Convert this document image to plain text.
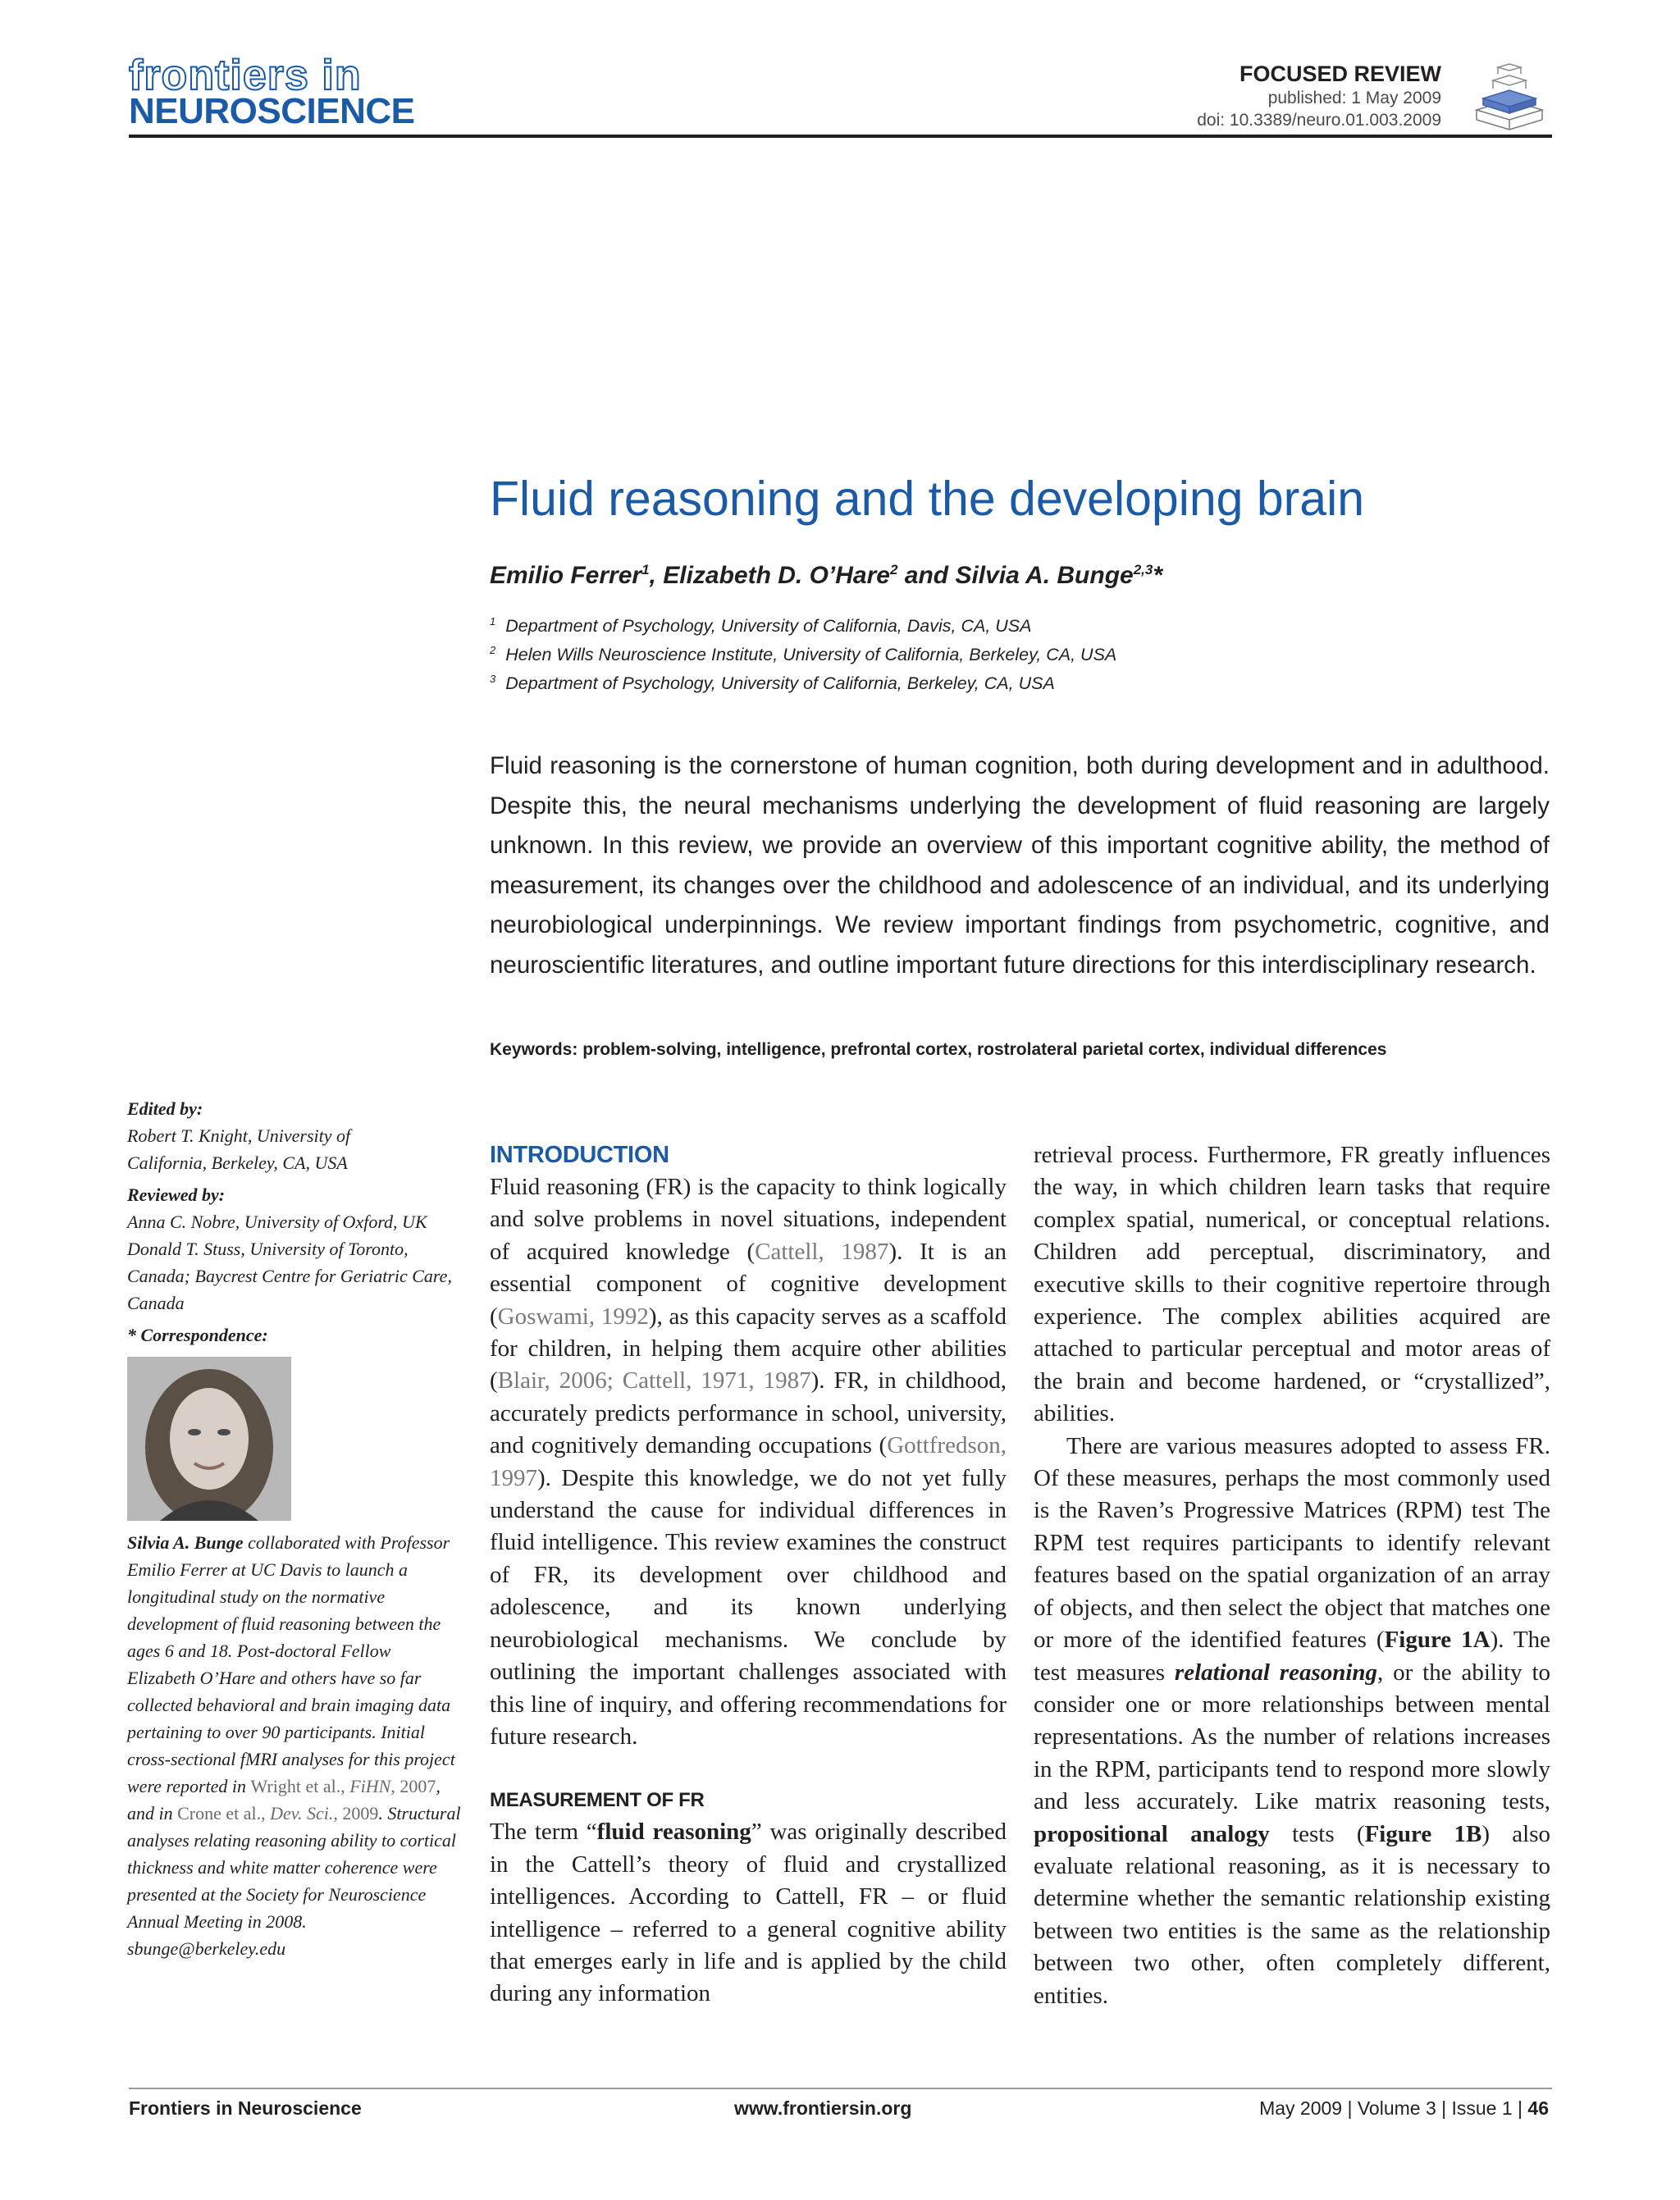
frontiers in
NEUROSCIENCE
FOCUSED REVIEW
published: 1 May 2009
doi: 10.3389/neuro.01.003.2009
Fluid reasoning and the developing brain
Emilio Ferrer$^1$, Elizabeth D. O’Hare$^2$ and Silvia A. Bunge$^{2,3}$*
$^1$ Department of Psychology, University of California, Davis, CA, USA
$^2$ Helen Wills Neuroscience Institute, University of California, Berkeley, CA, USA
$^3$ Department of Psychology, University of California, Berkeley, CA, USA

Fluid reasoning is the cornerstone of human cognition, both during development and in adulthood. Despite this, the neural mechanisms underlying the development of fluid reasoning are largely unknown. In this review, we provide an overview of this important cognitive ability, the method of measurement, its changes over the childhood and adolescence of an individual, and its underlying neurobiological underpinnings. We review important findings from psychometric, cognitive, and neuroscientific literatures, and outline important future directions for this interdisciplinary research.

Keywords: problem-solving, intelligence, prefrontal cortex, rostrolateral parietal cortex, individual differences
Edited by:
Robert T. Knight, University of California, Berkeley, CA, USA
Reviewed by:
Anna C. Nobre, University of Oxford, UK
Donald T. Stuss, University of Toronto, Canada; Baycrest Centre for Geriatric Care, Canada
* Correspondence:
Silvia A. Bunge collaborated with Professor Emilio Ferrer at UC Davis to launch a longitudinal study on the normative development of fluid reasoning between the ages 6 and 18. Post-doctoral Fellow Elizabeth O’Hare and others have so far collected behavioral and brain imaging data pertaining to over 90 participants. Initial cross-sectional fMRI analyses for this project were reported in Wright et al., FiHN, 2007, and in Crone et al., Dev. Sci., 2009. Structural analyses relating reasoning ability to cortical thickness and white matter coherence were presented at the Society for Neuroscience Annual Meeting in 2008.
sbunge@berkeley.edu
INTRODUCTION

Fluid reasoning (FR) is the capacity to think logically and solve problems in novel situations, independent of acquired knowledge (Cattell, 1987). It is an essential component of cognitive development (Goswami, 1992), as this capacity serves as a scaffold for children, in helping them acquire other abilities (Blair, 2006; Cattell, 1971, 1987). FR, in childhood, accurately predicts performance in school, university, and cognitively demanding occupations (Gottfredson, 1997). Despite this knowledge, we do not yet fully understand the cause for individual differences in fluid intelligence. This review examines the construct of FR, its development over childhood and adolescence, and its known underlying neurobiological mechanisms. We conclude by outlining the important challenges associated with this line of inquiry, and offering recommendations for future research.

MEASUREMENT OF FR

The term “fluid reasoning” was originally described in the Cattell’s theory of fluid and crystallized intelligences. According to Cattell, FR – or fluid intelligence – referred to a general cognitive ability that emerges early in life and is applied by the child during any information

retrieval process. Furthermore, FR greatly influences the way, in which children learn tasks that require complex spatial, numerical, or conceptual relations. Children add perceptual, discriminatory, and executive skills to their cognitive repertoire through experience. The complex abilities acquired are attached to particular perceptual and motor areas of the brain and become hardened, or “crystallized”, abilities.

There are various measures adopted to assess FR. Of these measures, perhaps the most commonly used is the Raven’s Progressive Matrices (RPM) test The RPM test requires participants to identify relevant features based on the spatial organization of an array of objects, and then select the object that matches one or more of the identified features (Figure 1A). The test measures relational reasoning, or the ability to consider one or more relationships between mental representations. As the number of relations increases in the RPM, participants tend to respond more slowly and less accurately. Like matrix reasoning tests, propositional analogy tests (Figure 1B) also evaluate relational reasoning, as it is necessary to determine whether the semantic relationship existing between two entities is the same as the relationship between two other, often completely different, entities.

Frontiers in Neuroscience	www.frontiersin.org	May 2009 | Volume 3 | Issue 1 | 46
